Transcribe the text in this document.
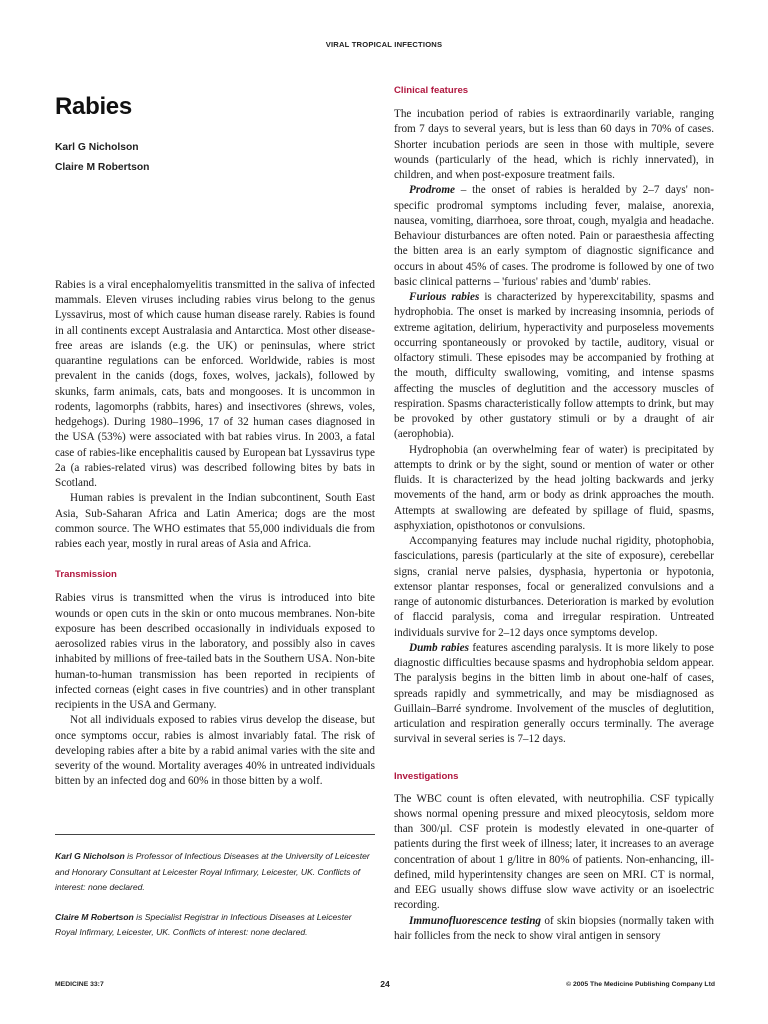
VIRAL TROPICAL INFECTIONS
Rabies
Karl G Nicholson
Claire M Robertson

Rabies is a viral encephalomyelitis transmitted in the saliva of infected mammals. Eleven viruses including rabies virus belong to the genus Lyssavirus, most of which cause human disease rarely. Rabies is found in all continents except Australasia and Antarctica. Most other disease-free areas are islands (e.g. the UK) or peninsulas, where strict quarantine regulations can be enforced. Worldwide, rabies is most prevalent in the canids (dogs, foxes, wolves, jackals), followed by skunks, farm animals, cats, bats and mongooses. It is uncommon in rodents, lagomorphs (rabbits, hares) and insectivores (shrews, voles, hedgehogs). During 1980–1996, 17 of 32 human cases diagnosed in the USA (53%) were associated with bat rabies virus. In 2003, a fatal case of rabies-like encephalitis caused by European bat Lyssavirus type 2a (a rabies-related virus) was described following bites by bats in Scotland.

Human rabies is prevalent in the Indian subcontinent, South East Asia, Sub-Saharan Africa and Latin America; dogs are the most common source. The WHO estimates that 55,000 individuals die from rabies each year, mostly in rural areas of Asia and Africa.

Transmission

Rabies virus is transmitted when the virus is introduced into bite wounds or open cuts in the skin or onto mucous membranes. Non-bite exposure has been described occasionally in individuals exposed to aerosolized rabies virus in the laboratory, and possibly also in caves inhabited by millions of free-tailed bats in the Southern USA. Non-bite human-to-human transmission has been reported in recipients of infected corneas (eight cases in five countries) and in other transplant recipients in the USA and Germany.

Not all individuals exposed to rabies virus develop the disease, but once symptoms occur, rabies is almost invariably fatal. The risk of developing rabies after a bite by a rabid animal varies with the site and severity of the wound. Mortality averages 40% in untreated individuals bitten by an infected dog and 60% in those bitten by a wolf.

Karl G Nicholson is Professor of Infectious Diseases at the University of Leicester and Honorary Consultant at Leicester Royal Infirmary, Leicester, UK. Conflicts of interest: none declared.

Claire M Robertson is Specialist Registrar in Infectious Diseases at Leicester Royal Infirmary, Leicester, UK. Conflicts of interest: none declared.

Clinical features

The incubation period of rabies is extraordinarily variable, ranging from 7 days to several years, but is less than 60 days in 70% of cases. Shorter incubation periods are seen in those with multiple, severe wounds (particularly of the head, which is richly innervated), in children, and when post-exposure treatment fails.

Prodrome – the onset of rabies is heralded by 2–7 days' non-specific prodromal symptoms including fever, malaise, anorexia, nausea, vomiting, diarrhoea, sore throat, cough, myalgia and headache. Behaviour disturbances are often noted. Pain or paraesthesia affecting the bitten area is an early symptom of diagnostic significance and occurs in about 45% of cases. The prodrome is followed by one of two basic clinical patterns – 'furious' rabies and 'dumb' rabies.

Furious rabies is characterized by hyperexcitability, spasms and hydrophobia. The onset is marked by increasing insomnia, periods of extreme agitation, delirium, hyperactivity and purposeless movements occurring spontaneously or provoked by tactile, auditory, visual or olfactory stimuli. These episodes may be accompanied by frothing at the mouth, difficulty swallowing, vomiting, and intense spasms affecting the muscles of deglutition and the accessory muscles of respiration. Spasms characteristically follow attempts to drink, but may be provoked by other gustatory stimuli or by a draught of air (aerophobia).

Hydrophobia (an overwhelming fear of water) is precipitated by attempts to drink or by the sight, sound or mention of water or other fluids. It is characterized by the head jolting backwards and jerky movements of the hand, arm or body as drink approaches the mouth. Attempts at swallowing are defeated by spillage of fluid, spasms, asphyxiation, opisthotonos or convulsions.

Accompanying features may include nuchal rigidity, photophobia, fasciculations, paresis (particularly at the site of exposure), cerebellar signs, cranial nerve palsies, dysphasia, hypertonia or hypotonia, extensor plantar responses, focal or generalized convulsions and a range of autonomic disturbances. Deterioration is marked by evolution of flaccid paralysis, coma and irregular respiration. Untreated individuals survive for 2–12 days once symptoms develop.

Dumb rabies features ascending paralysis. It is more likely to pose diagnostic difficulties because spasms and hydrophobia seldom appear. The paralysis begins in the bitten limb in about one-half of cases, spreads rapidly and symmetrically, and may be misdiagnosed as Guillain–Barré syndrome. Involvement of the muscles of deglutition, articulation and respiration generally occurs terminally. The average survival in several series is 7–12 days.

Investigations

The WBC count is often elevated, with neutrophilia. CSF typically shows normal opening pressure and mixed pleocytosis, seldom more than 300/µl. CSF protein is modestly elevated in one-quarter of patients during the first week of illness; later, it increases to an average concentration of about 1 g/litre in 80% of patients. Non-enhancing, ill-defined, mild hyperintensity changes are seen on MRI. CT is normal, and EEG usually shows diffuse slow wave activity or an isoelectric recording.

Immunofluorescence testing of skin biopsies (normally taken with hair follicles from the neck to show viral antigen in sensory

MEDICINE 33:7	24	© 2005 The Medicine Publishing Company Ltd
